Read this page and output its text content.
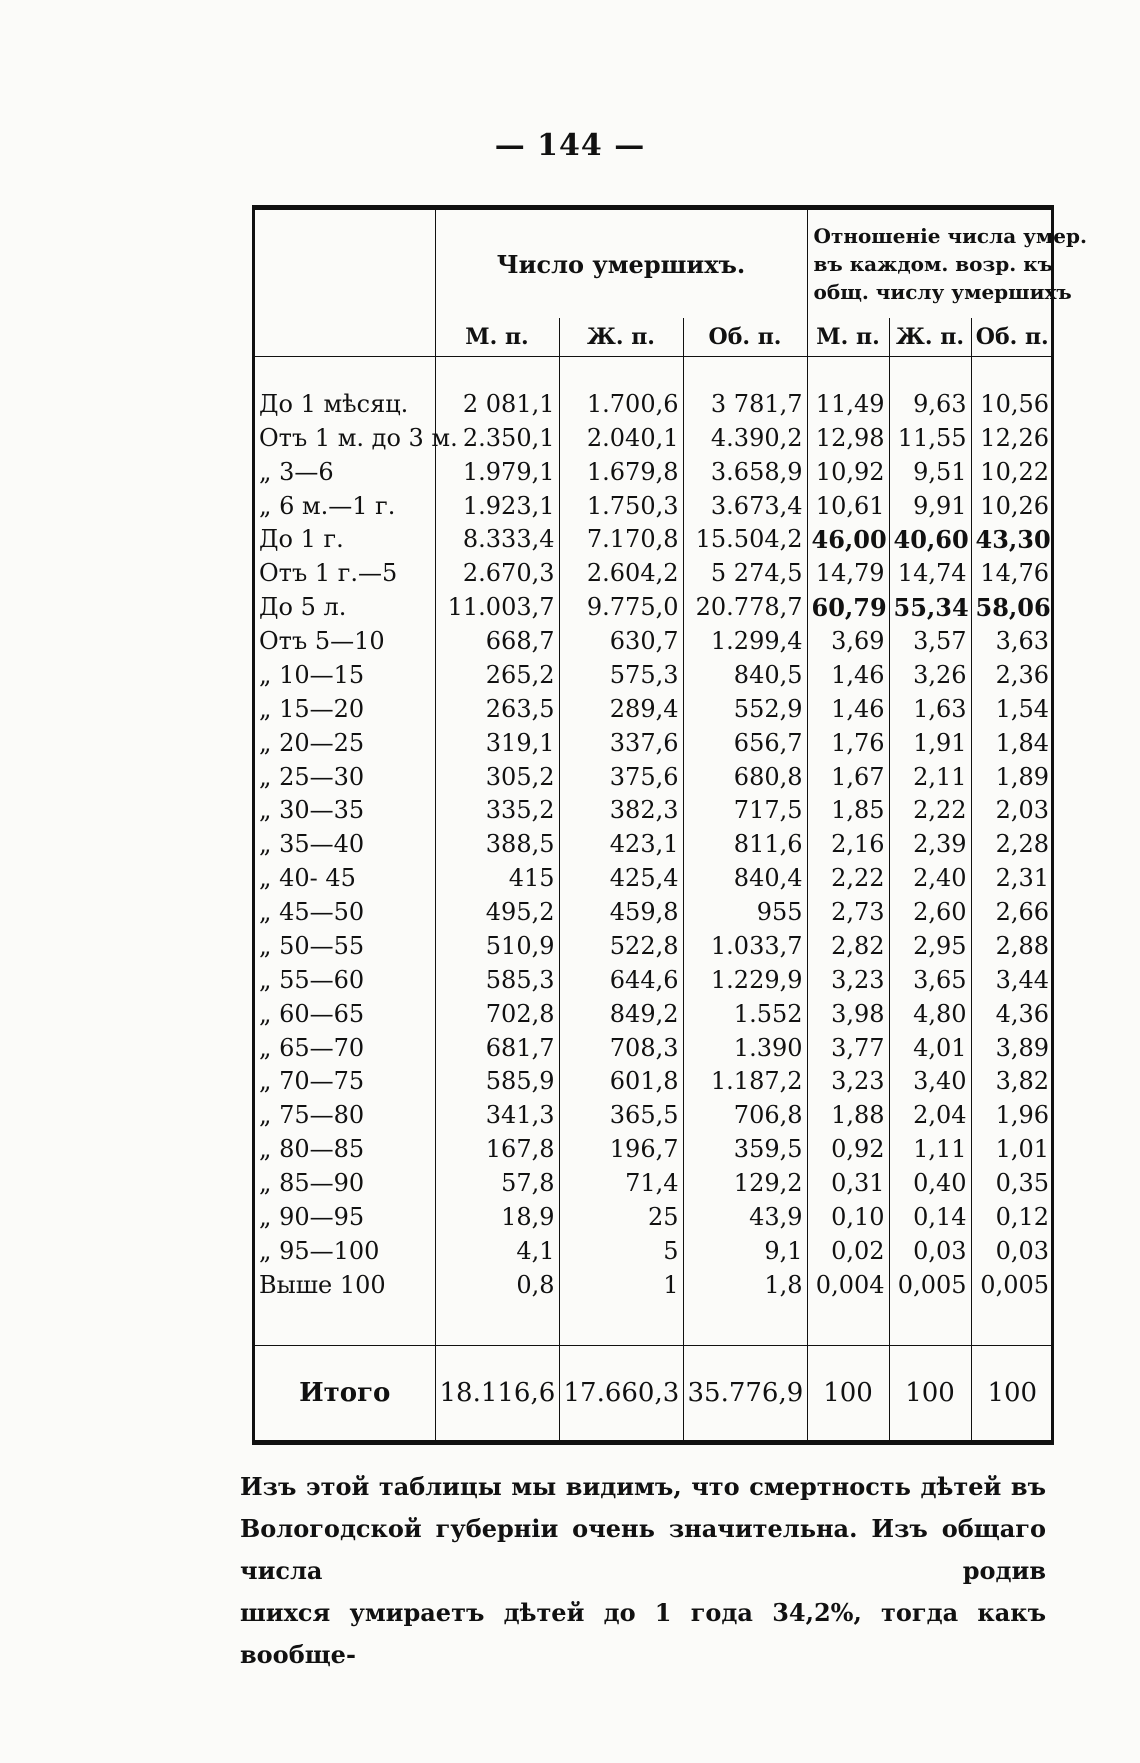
— 144 —
	Число умершихъ.			Отношеніе числа умер.
въ каждом. возр. къ
общ. числу умершихъ		
	М. п.	Ж. п.	Об. п.	М. п.	Ж. п.	Об. п.

До 1 мѣсяц.	2 081,1	1.700,6	3 781,7	11,49	9,63	10,56
Отъ 1 м. до 3 м.	2.350,1	2.040,1	4.390,2	12,98	11,55	12,26
„ 3—6	1.979,1	1.679,8	3.658,9	10,92	9,51	10,22
„ 6 м.—1 г.	1.923,1	1.750,3	3.673,4	10,61	9,91	10,26
До 1 г.	8.333,4	7.170,8	15.504,2	46,00	40,60	43,30
Отъ 1 г.—5	2.670,3	2.604,2	5 274,5	14,79	14,74	14,76
До 5 л.	11.003,7	9.775,0	20.778,7	60,79	55,34	58,06
Отъ 5—10	668,7	630,7	1.299,4	3,69	3,57	3,63
„ 10—15	265,2	575,3	840,5	1,46	3,26	2,36
„ 15—20	263,5	289,4	552,9	1,46	1,63	1,54
„ 20—25	319,1	337,6	656,7	1,76	1,91	1,84
„ 25—30	305,2	375,6	680,8	1,67	2,11	1,89
„ 30—35	335,2	382,3	717,5	1,85	2,22	2,03
„ 35—40	388,5	423,1	811,6	2,16	2,39	2,28
„ 40- 45	415	425,4	840,4	2,22	2,40	2,31
„ 45—50	495,2	459,8	955	2,73	2,60	2,66
„ 50—55	510,9	522,8	1.033,7	2,82	2,95	2,88
„ 55—60	585,3	644,6	1.229,9	3,23	3,65	3,44
„ 60—65	702,8	849,2	1.552	3,98	4,80	4,36
„ 65—70	681,7	708,3	1.390	3,77	4,01	3,89
„ 70—75	585,9	601,8	1.187,2	3,23	3,40	3,82
„ 75—80	341,3	365,5	706,8	1,88	2,04	1,96
„ 80—85	167,8	196,7	359,5	0,92	1,11	1,01
„ 85—90	57,8	71,4	129,2	0,31	0,40	0,35
„ 90—95	18,9	25	43,9	0,10	0,14	0,12
„ 95—100	4,1	5	9,1	0,02	0,03	0,03
Выше 100	0,8	1	1,8	0,004	0,005	0,005

Итого	18.116,6	17.660,3	35.776,9	100	100	100

Изъ этой таблицы мы видимъ, что смертность дѣтей въ
Вологодской губерніи очень значительна. Изъ общаго числа родив
шихся умираетъ дѣтей до 1 года 34,2%, тогда какъ вообще-
